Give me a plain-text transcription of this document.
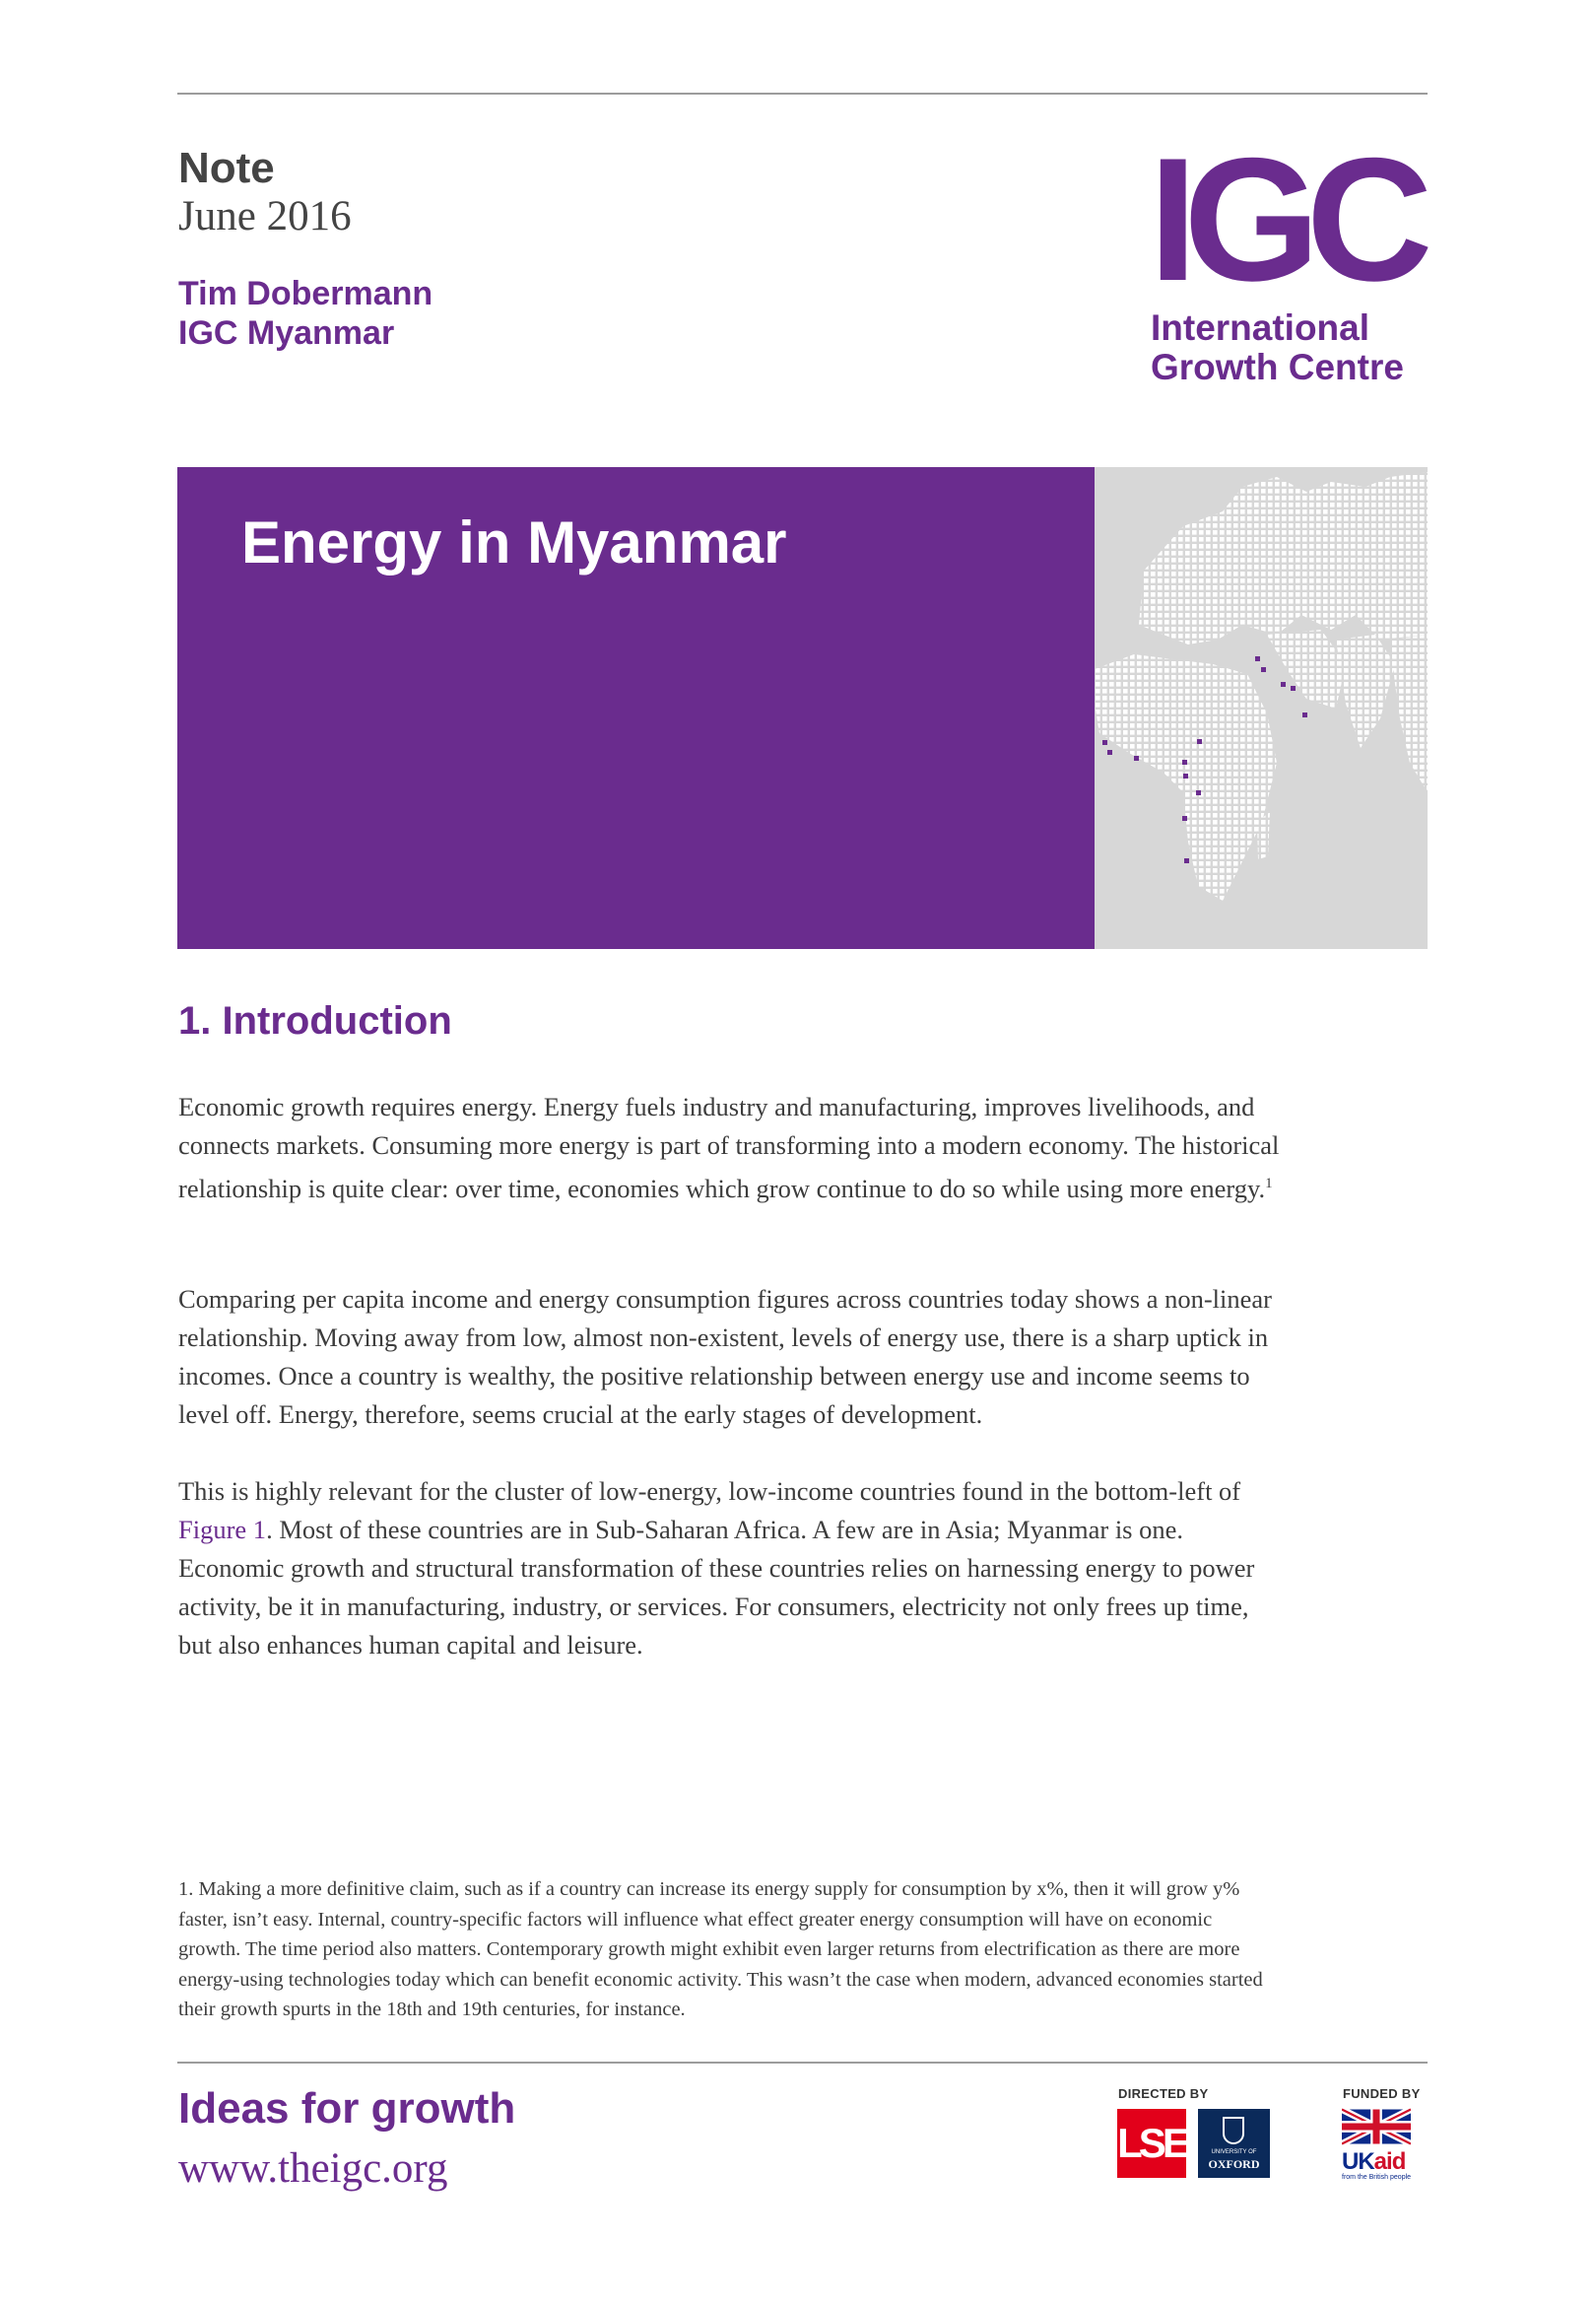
Note
June 2016
Tim Dobermann
IGC Myanmar
IGC
International
Growth Centre
Energy in Myanmar
1. Introduction

Economic growth requires energy. Energy fuels industry and manufacturing, improves livelihoods, and connects markets. Consuming more energy is part of transforming into a modern economy. The historical relationship is quite clear: over time, economies which grow continue to do so while using more energy.$^1$

Comparing per capita income and energy consumption figures across countries today shows a non-linear relationship. Moving away from low, almost non-existent, levels of energy use, there is a sharp uptick in incomes. Once a country is wealthy, the positive relationship between energy use and income seems to level off. Energy, therefore, seems crucial at the early stages of development.

This is highly relevant for the cluster of low-energy, low-income countries found in the bottom-left of Figure 1. Most of these countries are in Sub-Saharan Africa. A few are in Asia; Myanmar is one. Economic growth and structural transformation of these countries relies on harnessing energy to power activity, be it in manufacturing, industry, or services. For consumers, electricity not only frees up time, but also enhances human capital and leisure.

1. Making a more definitive claim, such as if a country can increase its energy supply for consumption by x%, then it will grow y% faster, isn’t easy. Internal, country-specific factors will influence what effect greater energy consumption will have on economic growth. The time period also matters. Contemporary growth might exhibit even larger returns from electrification as there are more energy-using technologies today which can benefit economic activity. This wasn’t the case when modern, advanced economies started their growth spurts in the 18th and 19th centuries, for instance.

Ideas for growth
www.theigc.org
DIRECTED BY	FUNDED BY
LSE	UNIVERSITY OF
OXFORD	UKaid
from the British people
